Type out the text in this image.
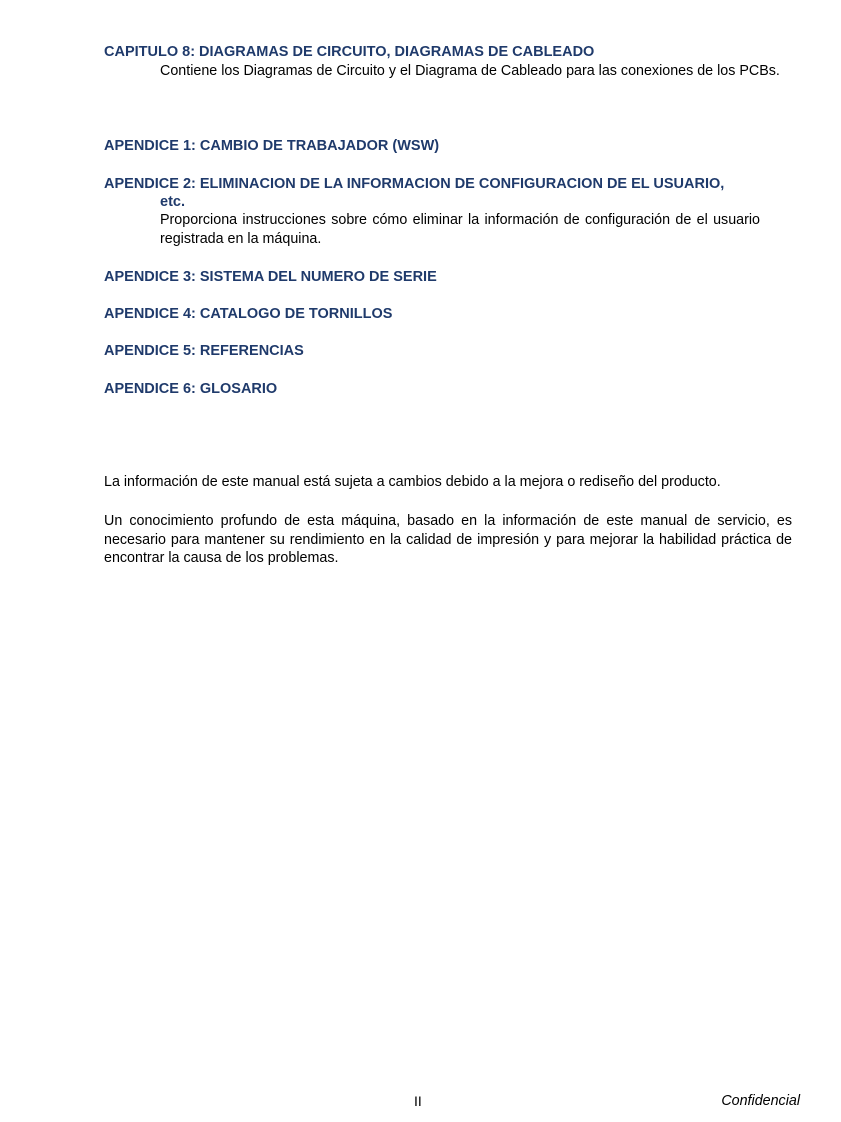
CAPITULO 8: DIAGRAMAS DE CIRCUITO, DIAGRAMAS DE CABLEADO
Contiene los Diagramas de Circuito y el Diagrama de Cableado para las conexiones de los PCBs.
APENDICE 1: CAMBIO DE TRABAJADOR (WSW)
APENDICE 2: ELIMINACION DE LA INFORMACION DE CONFIGURACION DE EL USUARIO,
etc.
Proporciona instrucciones sobre cómo eliminar la información de configuración de el usuario registrada en la máquina.
APENDICE 3: SISTEMA DEL NUMERO DE SERIE
APENDICE 4: CATALOGO DE TORNILLOS
APENDICE 5: REFERENCIAS
APENDICE 6: GLOSARIO
La información de este manual está sujeta a cambios debido a la mejora o rediseño del producto.
Un conocimiento profundo de esta máquina, basado en la información de este manual de servicio, es necesario para mantener su rendimiento en la calidad de impresión y para mejorar la habilidad práctica de encontrar la causa de los problemas.
II	Confidencial
